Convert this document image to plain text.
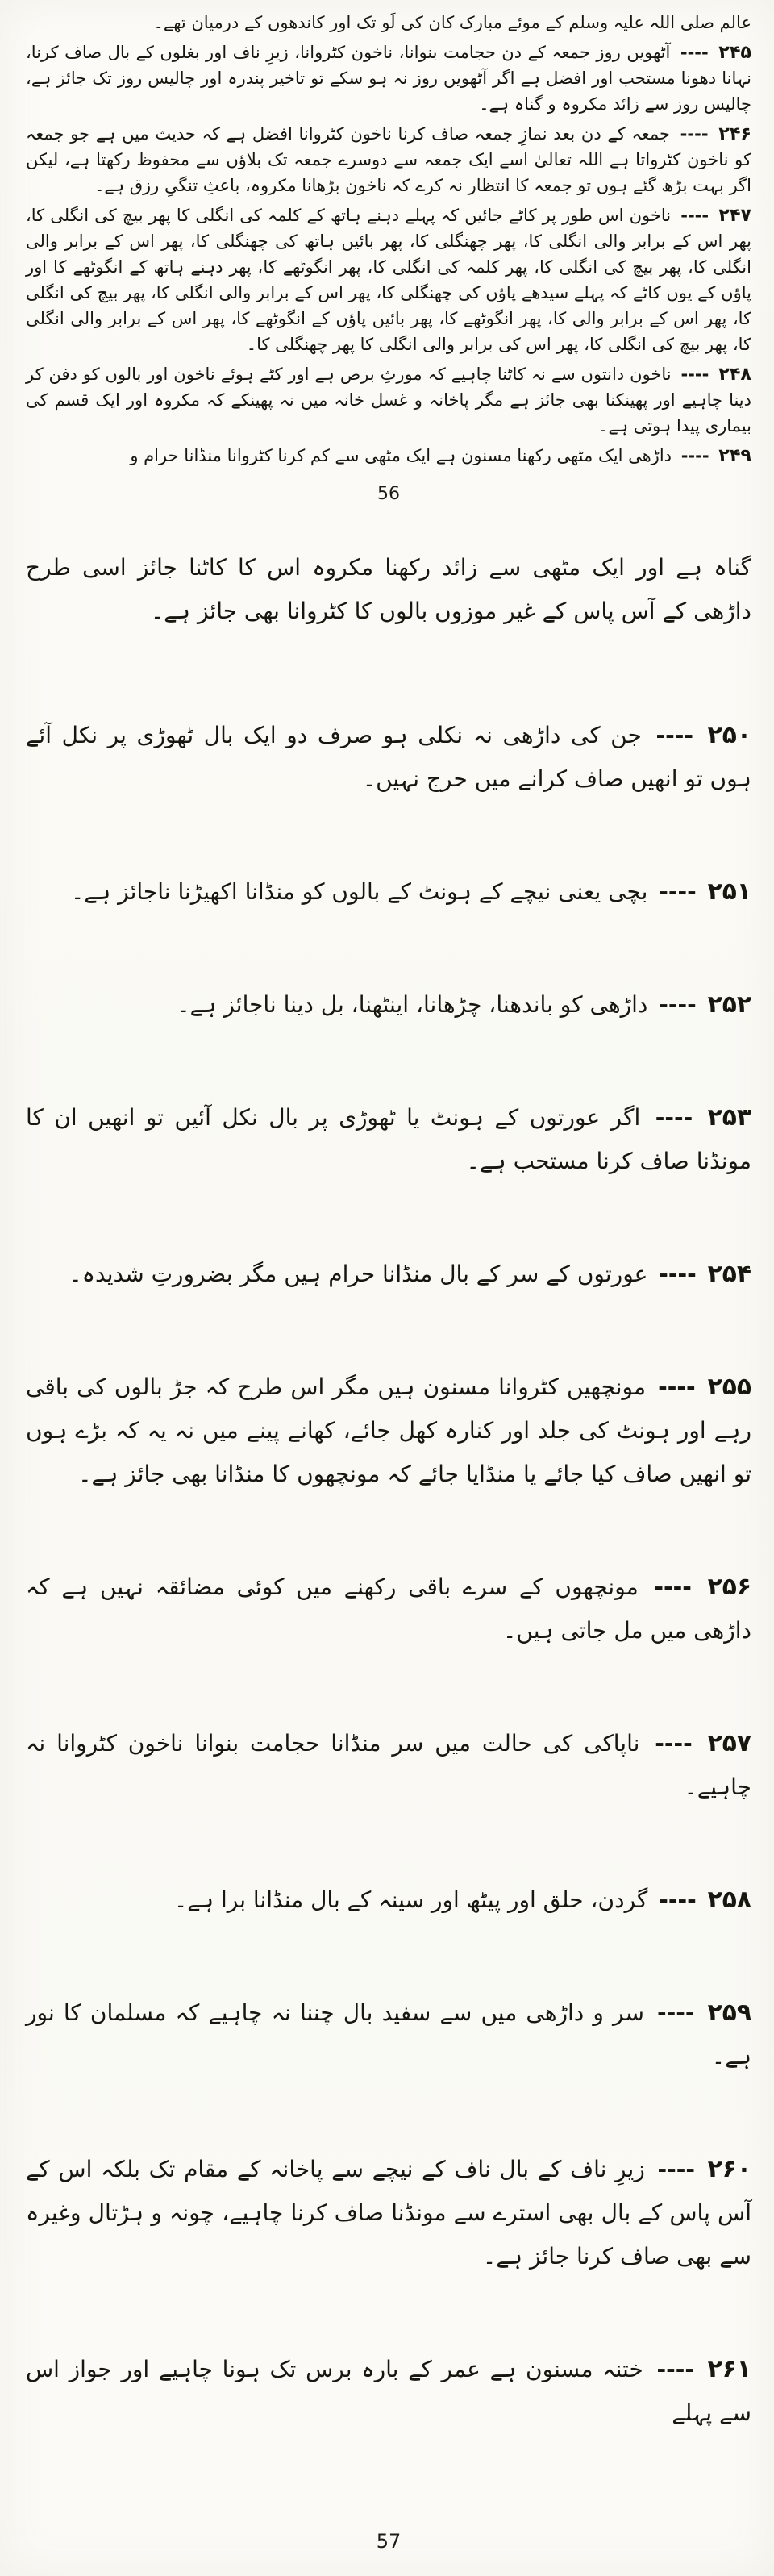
عالم صلی اللہ علیہ وسلم کے موئے مبارک کان کی لَو تک اور کاندھوں کے درمیان تھے۔

۲۴۵ ---- آٹھویں روز جمعہ کے دن حجامت بنوانا، ناخون کٹروانا، زیرِ ناف اور بغلوں کے بال صاف کرنا، نہانا دھونا مستحب اور افضل ہے اگر آٹھویں روز نہ ہو سکے تو تاخیر پندرہ اور چالیس روز تک جائز ہے، چالیس روز سے زائد مکروہ و گناہ ہے۔

۲۴۶ ---- جمعہ کے دن بعد نمازِ جمعہ صاف کرنا ناخون کٹروانا افضل ہے کہ حدیث میں ہے جو جمعہ کو ناخون کٹرواتا ہے اللہ تعالیٰ اسے ایک جمعہ سے دوسرے جمعہ تک بلاؤں سے محفوظ رکھتا ہے، لیکن اگر بہت بڑھ گئے ہوں تو جمعہ کا انتظار نہ کرے کہ ناخون بڑھانا مکروہ، باعثِ تنگیِ رزق ہے۔

۲۴۷ ---- ناخون اس طور پر کاٹے جائیں کہ پہلے دہنے ہاتھ کے کلمہ کی انگلی کا پھر بیچ کی انگلی کا، پھر اس کے برابر والی انگلی کا، پھر چھنگلی کا، پھر بائیں ہاتھ کی چھنگلی کا، پھر اس کے برابر والی انگلی کا، پھر بیچ کی انگلی کا، پھر کلمہ کی انگلی کا، پھر انگوٹھے کا، پھر دہنے ہاتھ کے انگوٹھے کا اور پاؤں کے یوں کاٹے کہ پہلے سیدھے پاؤں کی چھنگلی کا، پھر اس کے برابر والی انگلی کا، پھر بیچ کی انگلی کا، پھر اس کے برابر والی کا، پھر انگوٹھے کا، پھر بائیں پاؤں کے انگوٹھے کا، پھر اس کے برابر والی انگلی کا، پھر بیچ کی انگلی کا، پھر اس کی برابر والی انگلی کا پھر چھنگلی کا۔

۲۴۸ ---- ناخون دانتوں سے نہ کاٹنا چاہیے کہ مورثِ برص ہے اور کٹے ہوئے ناخون اور بالوں کو دفن کر دینا چاہیے اور پھینکنا بھی جائز ہے مگر پاخانہ و غسل خانہ میں نہ پھینکے کہ مکروہ اور ایک قسم کی بیماری پیدا ہوتی ہے۔

۲۴۹ ---- داڑھی ایک مٹھی رکھنا مسنون ہے ایک مٹھی سے کم کرنا کٹروانا منڈانا حرام و

56

گناہ ہے اور ایک مٹھی سے زائد رکھنا مکروہ اس کا کاٹنا جائز اسی طرح داڑھی کے آس پاس کے غیر موزوں بالوں کا کٹروانا بھی جائز ہے۔

۲۵۰ ---- جن کی داڑھی نہ نکلی ہو صرف دو ایک بال ٹھوڑی پر نکل آئے ہوں تو انھیں صاف کرانے میں حرج نہیں۔

۲۵۱ ---- بچی یعنی نیچے کے ہونٹ کے بالوں کو منڈانا اکھیڑنا ناجائز ہے۔

۲۵۲ ---- داڑھی کو باندھنا، چڑھانا، اینٹھنا، بل دینا ناجائز ہے۔

۲۵۳ ---- اگر عورتوں کے ہونٹ یا ٹھوڑی پر بال نکل آئیں تو انھیں ان کا مونڈنا صاف کرنا مستحب ہے۔

۲۵۴ ---- عورتوں کے سر کے بال منڈانا حرام ہیں مگر بضرورتِ شدیدہ۔

۲۵۵ ---- مونچھیں کٹروانا مسنون ہیں مگر اس طرح کہ جڑ بالوں کی باقی رہے اور ہونٹ کی جلد اور کنارہ کھل جائے، کھانے پینے میں نہ یہ کہ بڑے ہوں تو انھیں صاف کیا جائے یا منڈایا جائے کہ مونچھوں کا منڈانا بھی جائز ہے۔

۲۵۶ ---- مونچھوں کے سرے باقی رکھنے میں کوئی مضائقہ نہیں ہے کہ داڑھی میں مل جاتی ہیں۔

۲۵۷ ---- ناپاکی کی حالت میں سر منڈانا حجامت بنوانا ناخون کٹروانا نہ چاہیے۔

۲۵۸ ---- گردن، حلق اور پیٹھ اور سینہ کے بال منڈانا برا ہے۔

۲۵۹ ---- سر و داڑھی میں سے سفید بال چننا نہ چاہیے کہ مسلمان کا نور ہے۔

۲۶۰ ---- زیرِ ناف کے بال ناف کے نیچے سے پاخانہ کے مقام تک بلکہ اس کے آس پاس کے بال بھی استرے سے مونڈنا صاف کرنا چاہیے، چونہ و ہڑتال وغیرہ سے بھی صاف کرنا جائز ہے۔

۲۶۱ ---- ختنہ مسنون ہے عمر کے بارہ برس تک ہونا چاہیے اور جواز اس سے پہلے

57
